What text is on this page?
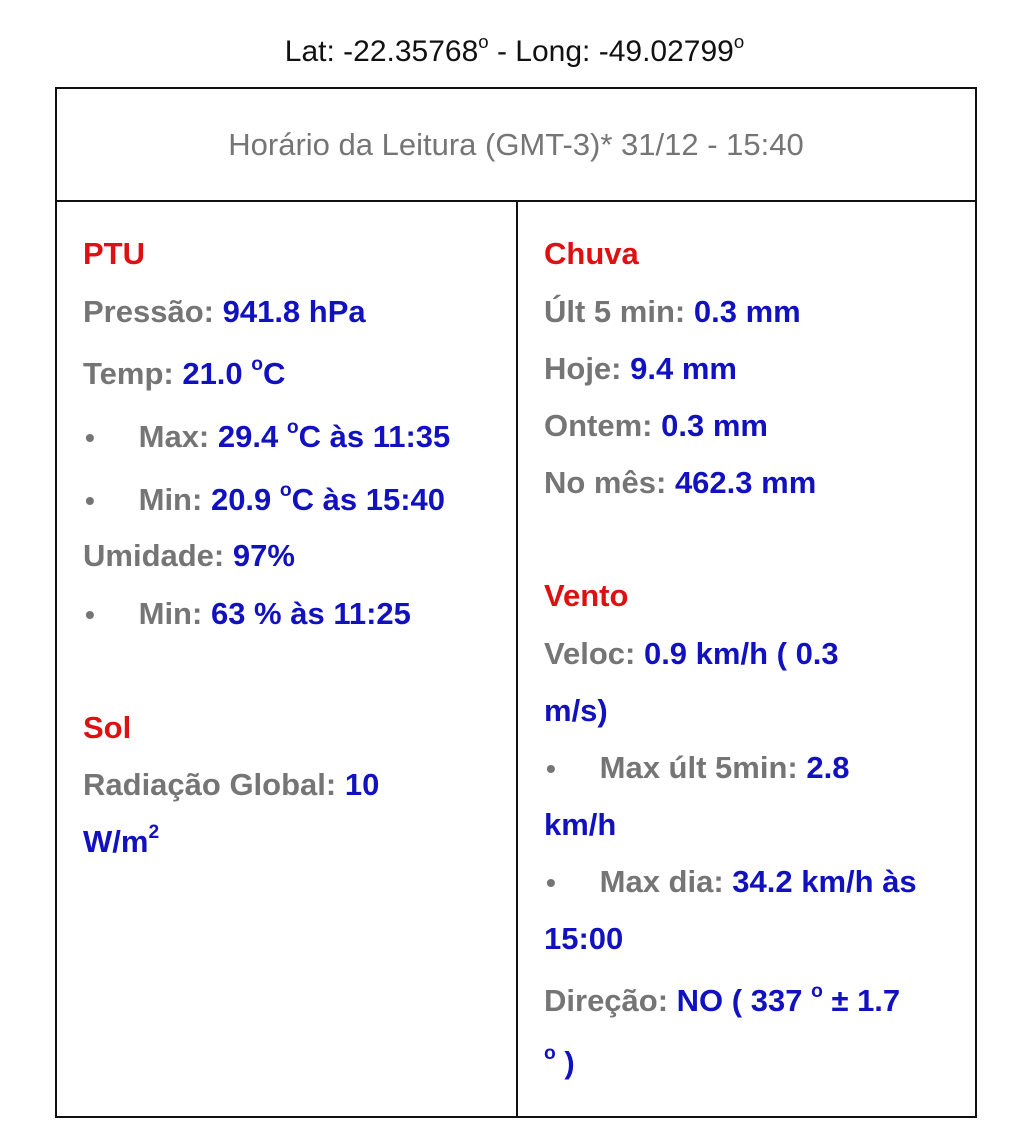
Lat: -22.35768$^o$ - Long: -49.02799$^o$
Horário da Leitura (GMT-3)* 31/12 - 15:40
PTU
Pressão: 941.8 hPa
Temp: 21.0 $^o$C
• Max: 29.4 $^o$C às 11:35
• Min: 20.9 $^o$C às 15:40
Umidade: 97%
• Min: 63 % às 11:25
Sol
Radiação Global: 10
$W/m^2$
Chuva
Últ 5 min: 0.3 mm
Hoje: 9.4 mm
Ontem: 0.3 mm
No mês: 462.3 mm
Vento
Veloc: 0.9 km/h ( 0.3
m/s)
• Max últ 5min: 2.8
km/h
• Max dia: 34.2 km/h às
15:00
Direção: NO ( 337 $^o$ ± 1.7
$^o$ )
